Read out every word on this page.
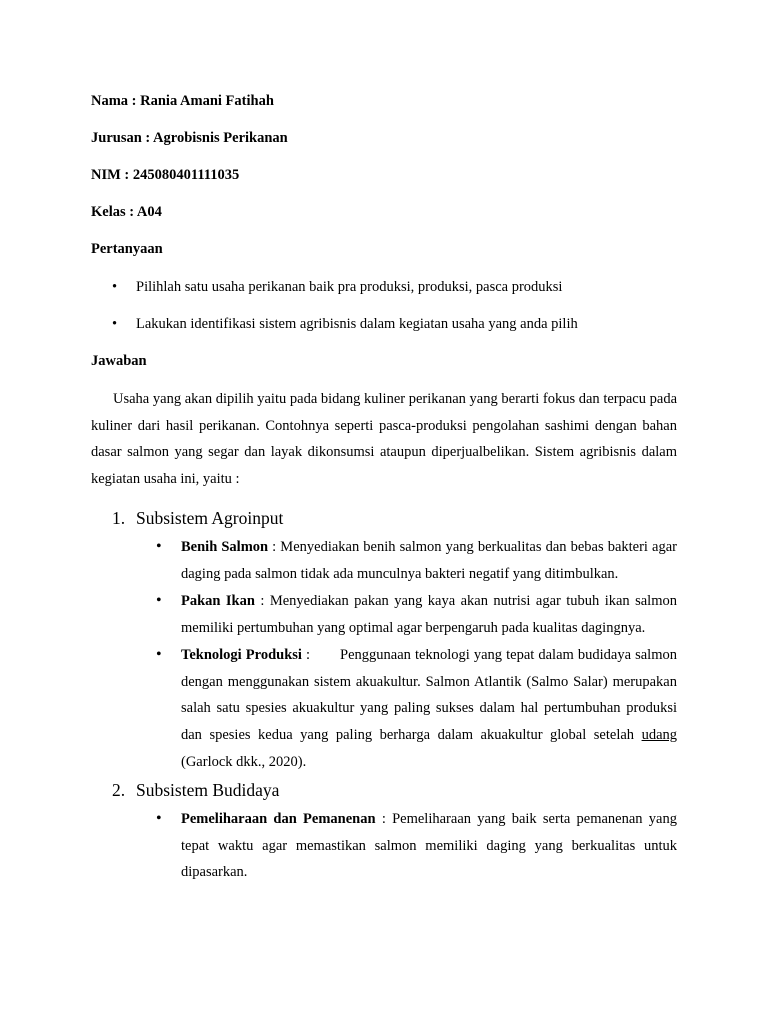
Nama : Rania Amani Fatihah
Jurusan : Agrobisnis Perikanan
NIM : 245080401111035
Kelas : A04
Pertanyaan
• Pilihlah satu usaha perikanan baik pra produksi, produksi, pasca produksi
• Lakukan identifikasi sistem agribisnis dalam kegiatan usaha yang anda pilih
Jawaban

Usaha yang akan dipilih yaitu pada bidang kuliner perikanan yang berarti fokus dan terpacu pada kuliner dari hasil perikanan. Contohnya seperti pasca-produksi pengolahan sashimi dengan bahan dasar salmon yang segar dan layak dikonsumsi ataupun diperjualbelikan. Sistem agribisnis dalam kegiatan usaha ini, yaitu :

1. Subsistem Agroinput
• Benih Salmon : Menyediakan benih salmon yang berkualitas dan bebas bakteri agar daging pada salmon tidak ada munculnya bakteri negatif yang ditimbulkan.

• Pakan Ikan : Menyediakan pakan yang kaya akan nutrisi agar tubuh ikan salmon memiliki pertumbuhan yang optimal agar berpengaruh pada kualitas dagingnya.

• Teknologi Produksi : Penggunaan teknologi yang tepat dalam budidaya salmon dengan menggunakan sistem akuakultur. Salmon Atlantik (Salmo Salar) merupakan salah satu spesies akuakultur yang paling sukses dalam hal pertumbuhan produksi dan spesies kedua yang paling berharga dalam akuakultur global setelah udang (Garlock dkk., 2020).

2. Subsistem Budidaya
• Pemeliharaan dan Pemanenan : Pemeliharaan yang baik serta pemanenan yang tepat waktu agar memastikan salmon memiliki daging yang berkualitas untuk dipasarkan.
